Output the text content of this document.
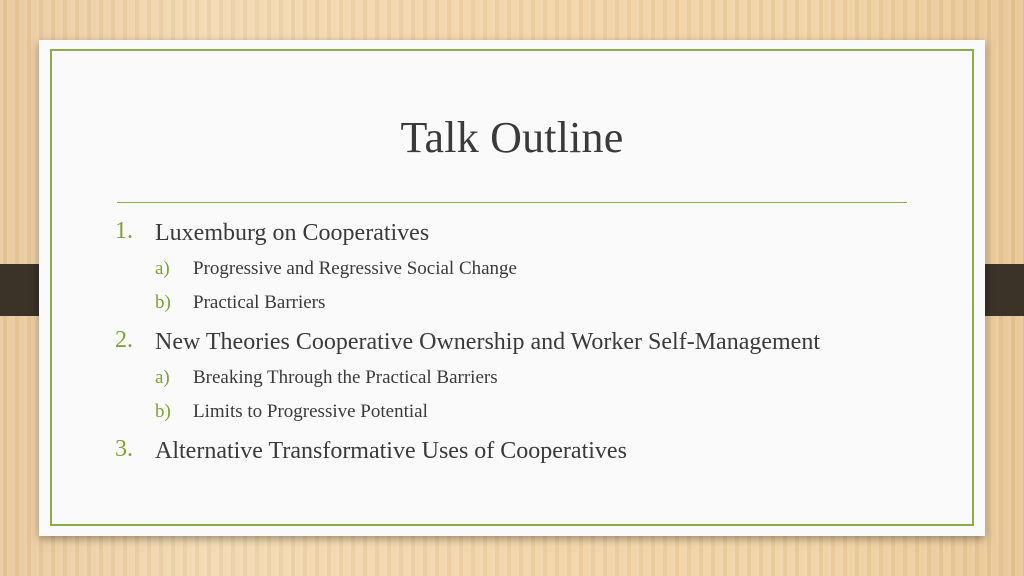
Talk Outline
1. Luxemburg on Cooperatives
a) Progressive and Regressive Social Change
b) Practical Barriers
2. New Theories Cooperative Ownership and Worker Self-Management
a) Breaking Through the Practical Barriers
b) Limits to Progressive Potential
3. Alternative Transformative Uses of Cooperatives
